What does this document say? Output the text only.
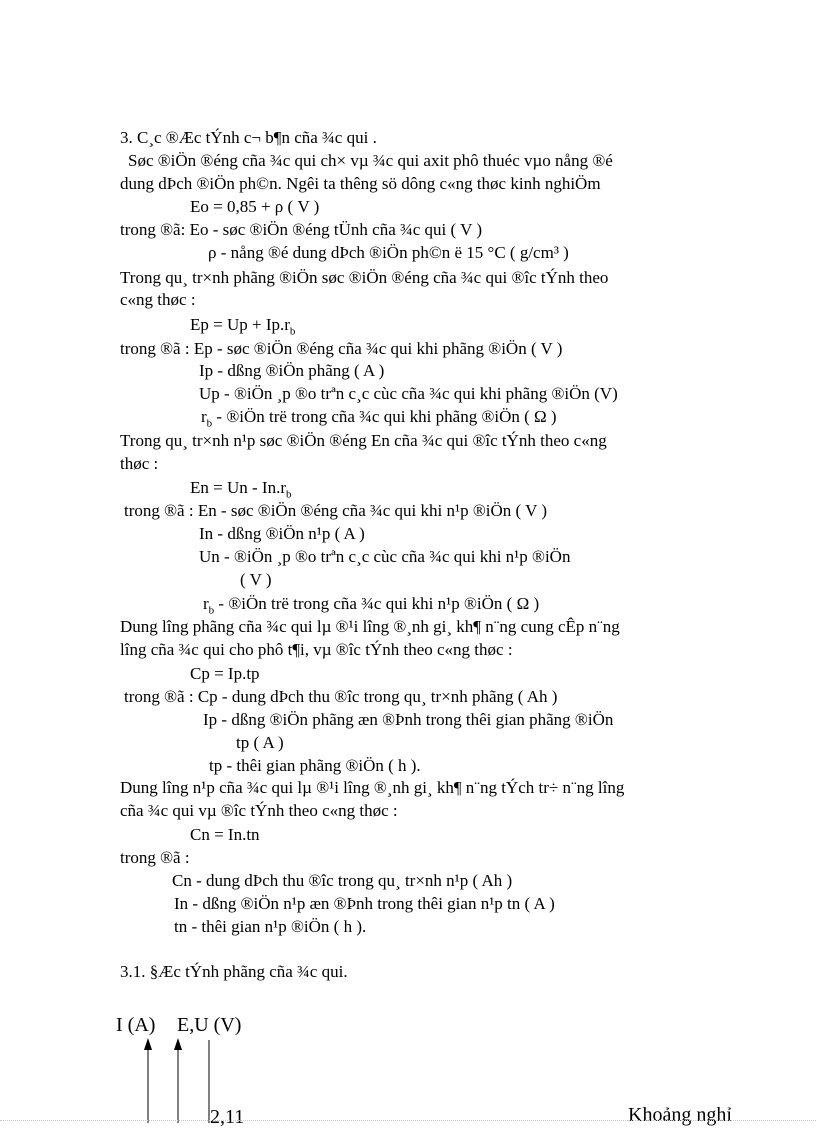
3. C¸c ®Æc tÝnh c¬ b¶n cña ¾c qui .
Søc ®iÖn ®éng cña ¾c qui ch× vµ ¾c qui axit phô thuéc vµo nång ®é
dung dÞch ®iÖn ph©n. Ngêi ta thêng sö dông c«ng thøc kinh nghiÖm
Eo = 0,85 + ρ ( V )
trong ®ã: Eo - søc ®iÖn ®éng tÜnh cña ¾c qui ( V )
ρ - nång ®é dung dÞch ®iÖn ph©n ë 15 °C ( g/cm³ )
Trong qu¸ tr×nh phãng ®iÖn søc ®iÖn ®éng cña ¾c qui ®îc tÝnh theo
c«ng thøc :
$Ep = Up + Ip.r_b$
trong ®ã : Ep - søc ®iÖn ®éng cña ¾c qui khi phãng ®iÖn ( V )
Ip - dßng ®iÖn phãng ( A )
Up - ®iÖn ¸p ®o trªn c¸c cùc cña ¾c qui khi phãng ®iÖn (V)
$r_b$ - ®iÖn trë trong cña ¾c qui khi phãng ®iÖn ( Ω )
Trong qu¸ tr×nh n¹p søc ®iÖn ®éng En cña ¾c qui ®îc tÝnh theo c«ng
thøc :
$En = Un - In.r_b$
trong ®ã : En - søc ®iÖn ®éng cña ¾c qui khi n¹p ®iÖn ( V )
In - dßng ®iÖn n¹p ( A )
Un - ®iÖn ¸p ®o trªn c¸c cùc cña ¾c qui khi n¹p ®iÖn
( V )
$r_b$ - ®iÖn trë trong cña ¾c qui khi n¹p ®iÖn ( Ω )
Dung lîng phãng cña ¾c qui lµ ®¹i lîng ®¸nh gi¸ kh¶ n¨ng cung cÊp n¨ng
lîng cña ¾c qui cho phô t¶i, vµ ®îc tÝnh theo c«ng thøc :
Cp = Ip.tp
trong ®ã : Cp - dung dÞch thu ®îc trong qu¸ tr×nh phãng ( Ah )
Ip - dßng ®iÖn phãng æn ®Þnh trong thêi gian phãng ®iÖn
tp ( A )
tp - thêi gian phãng ®iÖn ( h ).
Dung lîng n¹p cña ¾c qui lµ ®¹i lîng ®¸nh gi¸ kh¶ n¨ng tÝch tr÷ n¨ng lîng
cña ¾c qui vµ ®îc tÝnh theo c«ng thøc :
Cn = In.tn
trong ®ã :
Cn - dung dÞch thu ®îc trong qu¸ tr×nh n¹p ( Ah )
In - dßng ®iÖn n¹p æn ®Þnh trong thêi gian n¹p tn ( A )
tn - thêi gian n¹p ®iÖn ( h ).
3.1. §Æc tÝnh phãng cña ¾c qui.
I (A) E,U (V)
2,11	Khoảng nghỉ
